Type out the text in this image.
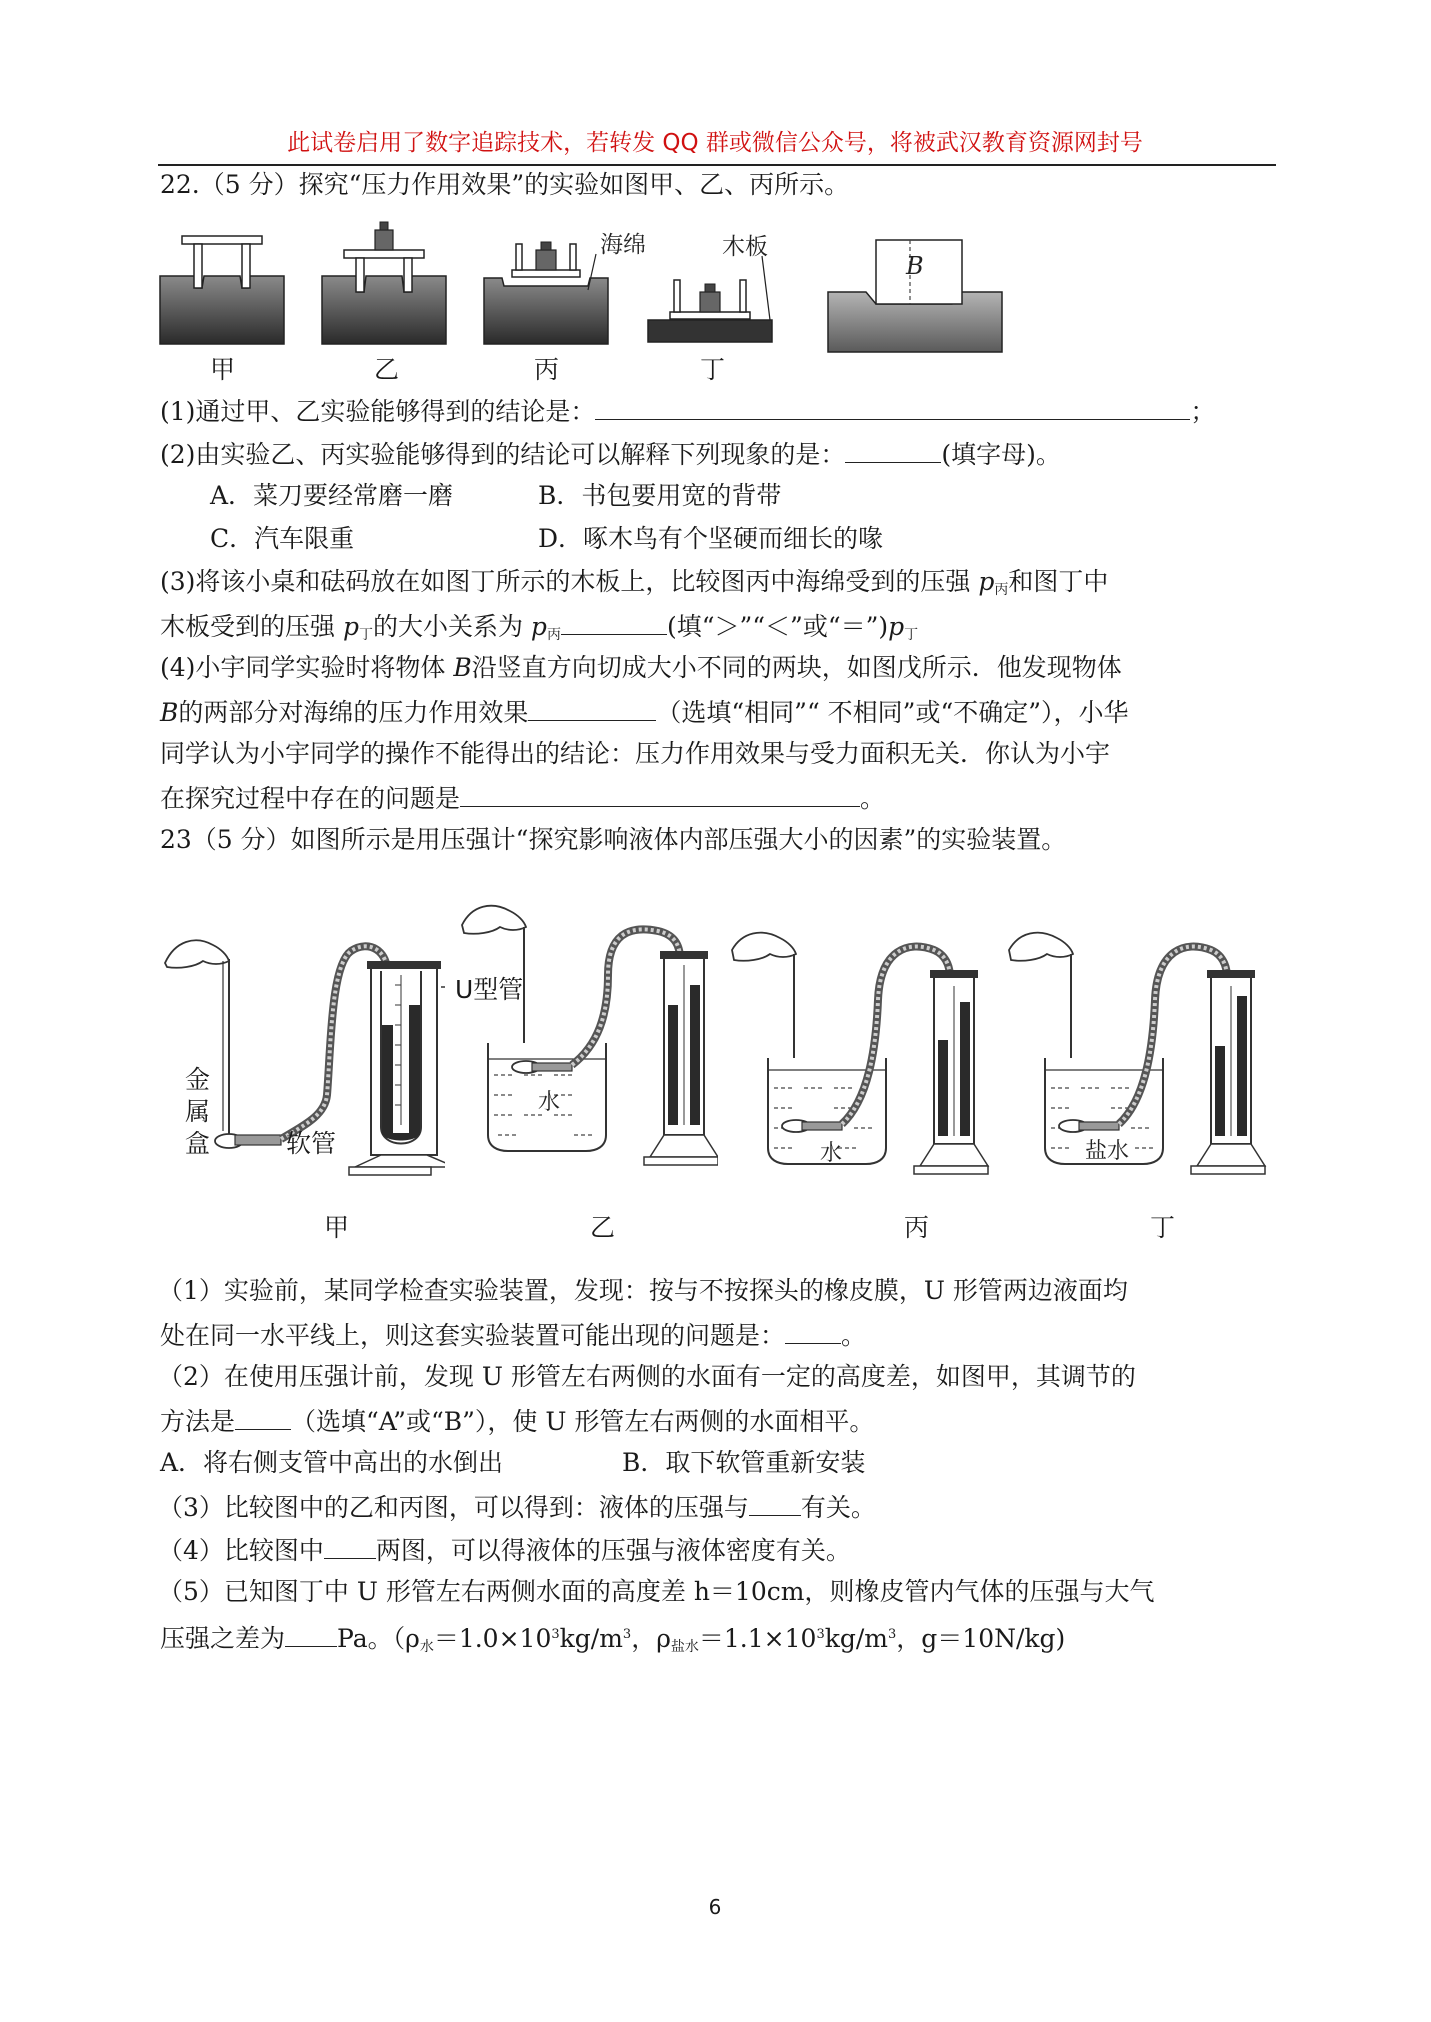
此试卷启用了数字追踪技术，若转发 QQ 群或微信公众号，将被武汉教育资源网封号
22.（5 分）探究“压力作用效果”的实验如图甲、乙、丙所示。
海绵	木板
B
甲	乙	丙	丁
(1)通过甲、乙实验能够得到的结论是：	；
(2)由实验乙、丙实验能够得到的结论可以解释下列现象的是：	(填字母)。
A．菜刀要经常磨一磨	B．书包要用宽的背带
C．汽车限重	D．啄木鸟有个坚硬而细长的喙
(3)将该小桌和砝码放在如图丁所示的木板上，比较图丙中海绵受到的压强 $p_丙$和图丁中
木板受到的压强 $p_丁$的大小关系为 $p_丙$	(填“＞”“＜”或“$=”)p_丁$
(4)小宇同学实验时将物体 B沿竖直方向切成大小不同的两块，如图戊所示．他发现物体
B的两部分对海绵的压力作用效果	（选填“相同”“ 不相同”或“不确定”），小华
同学认为小宇同学的操作不能得出的结论：压力作用效果与受力面积无关．你认为小宇
在探究过程中存在的问题是	。
23（5 分）如图所示是用压强计“探究影响液体内部压强大小的因素”的实验装置。
U型管
金
属
盒	软管
水
水	盐水
甲	乙	丙	丁
（1）实验前，某同学检查实验装置，发现：按与不按探头的橡皮膜，U 形管两边液面均
处在同一水平线上，则这套实验装置可能出现的问题是： 。
（2）在使用压强计前，发现 U 形管左右两侧的水面有一定的高度差，如图甲，其调节的
方法是 （选填“A”或“B”），使 U 形管左右两侧的水面相平。
A．将右侧支管中高出的水倒出	B．取下软管重新安装
（3）比较图中的乙和丙图，可以得到：液体的压强与 有关。
（4）比较图中 两图，可以得液体的压强与液体密度有关。
（5）已知图丁中 U 形管左右两侧水面的高度差 h＝10cm，则橡皮管内气体的压强与大气
压强之差为 Pa。（$\rho_水=1.0\times 10^3kg/m^3$，$\rho_{盐水}=1.1\times 10^3kg/m^3$，g＝10N/kg)
6
